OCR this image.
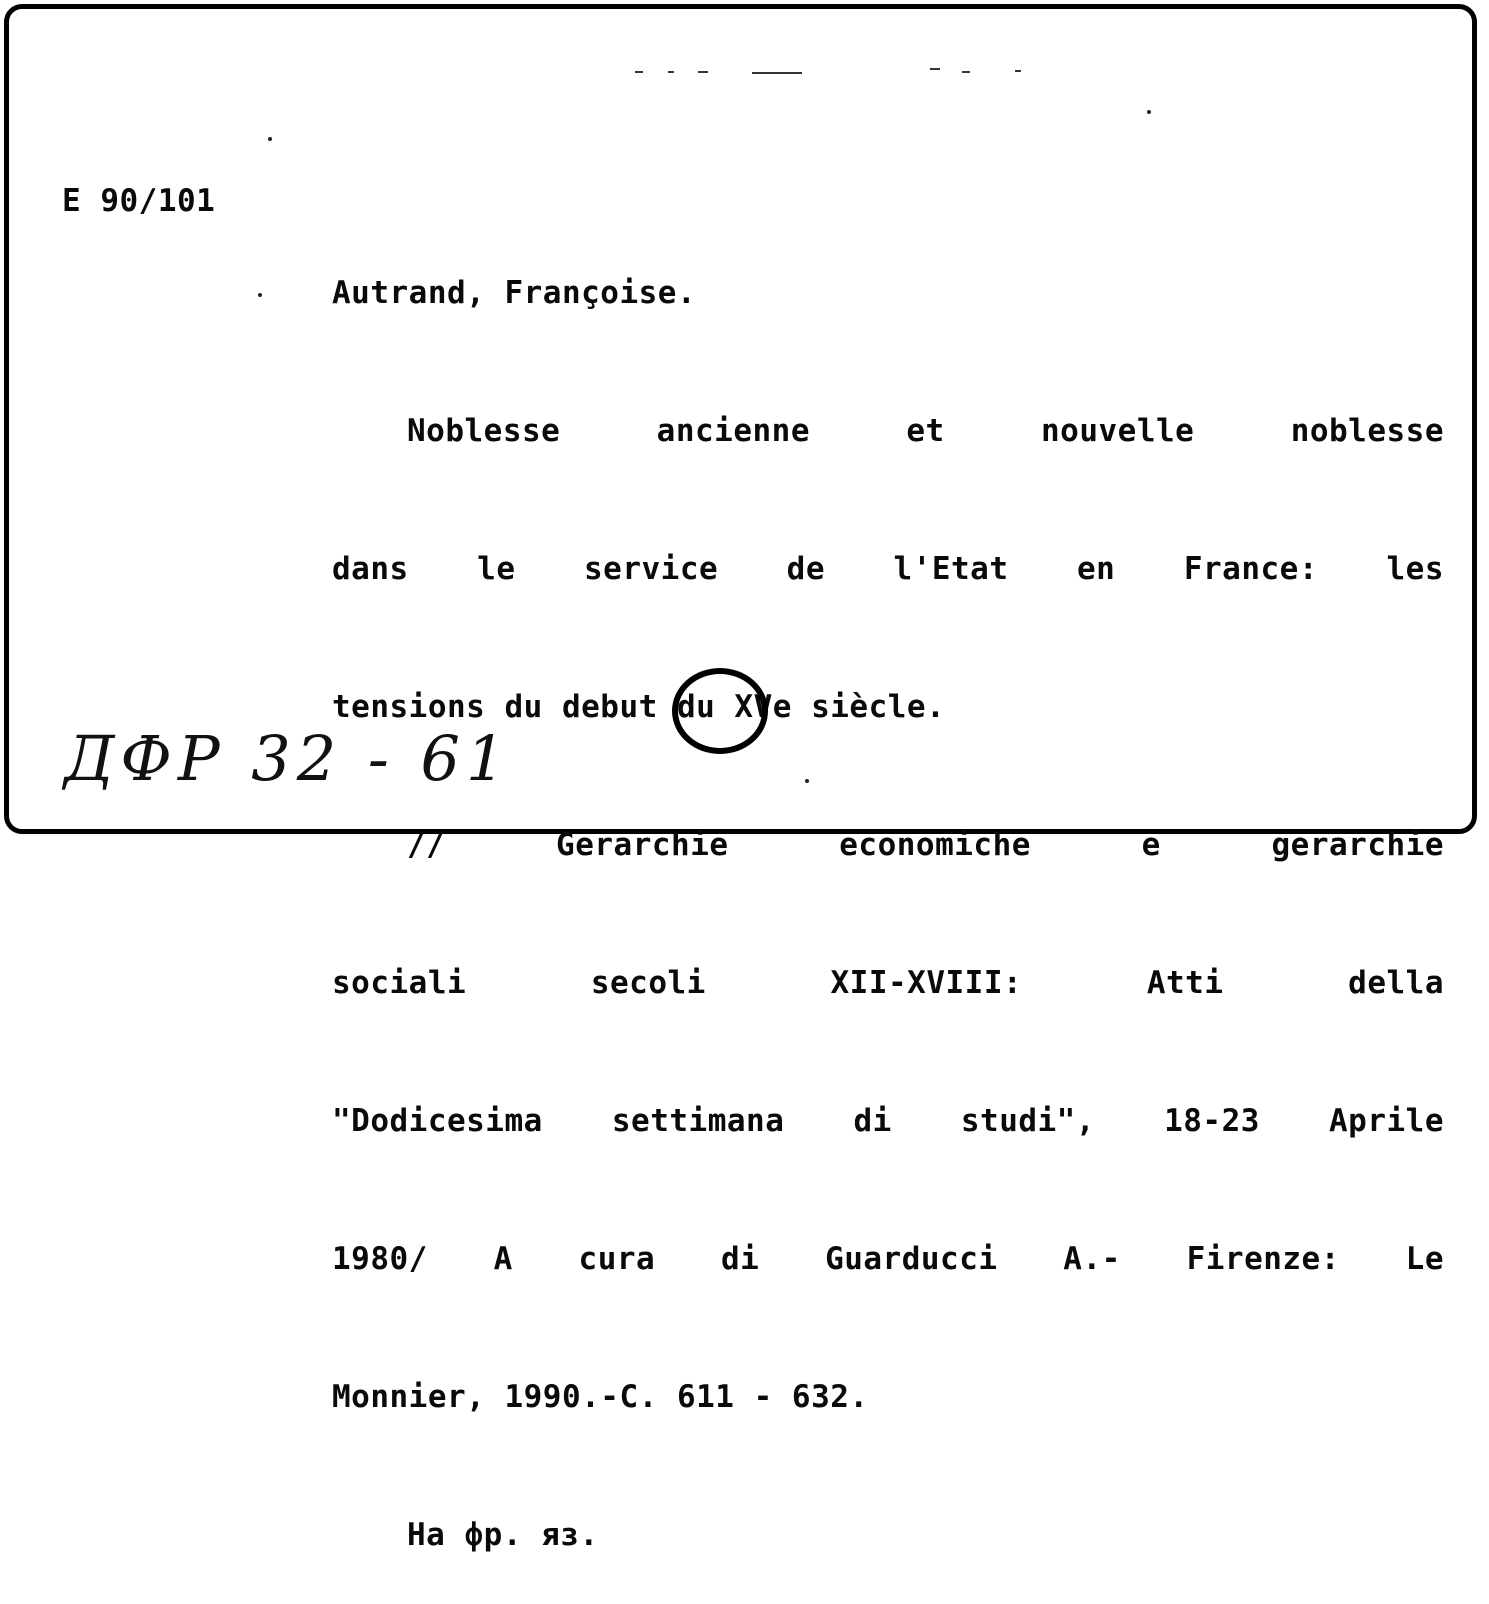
E 90/101

Autrand, Françoise.

Noblesse ancienne et nouvelle noblesse

dans le service de l'Etat en France: les

tensions du debut du XVe siècle.

// Gerarchie economiche e gerarchie

sociali secoli XII-XVIII: Atti della

"Dodicesima settimana di studi", 18-23 Aprile

1980/ A cura di Guarducci A.- Firenze: Le

Monnier, 1990.-C. 611 - 632.

На фр. яз.

ДФР 32 - 61
